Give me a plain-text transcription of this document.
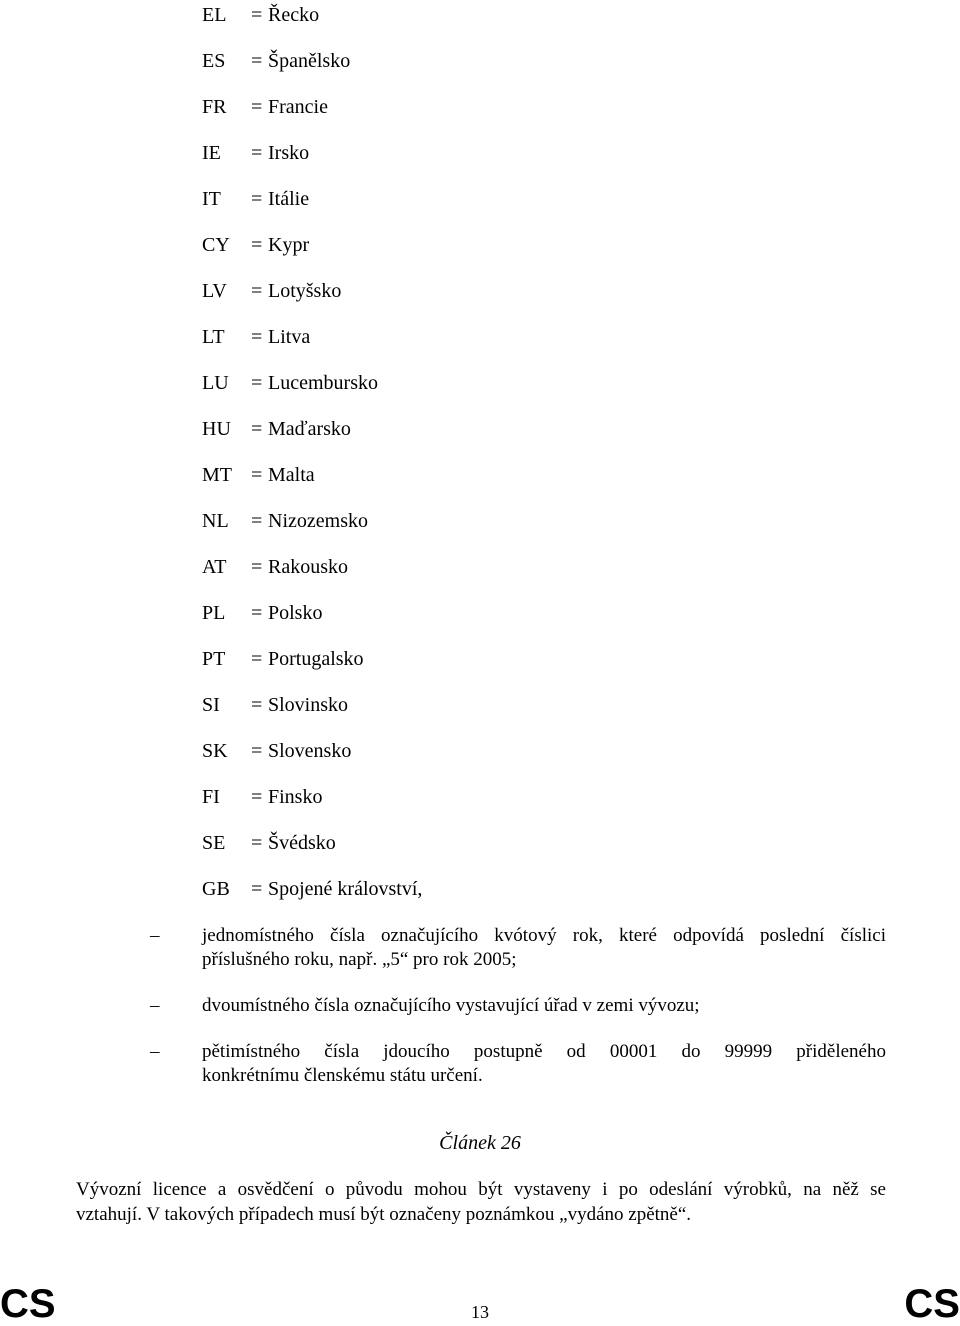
EL = Řecko
ES = Španělsko
FR = Francie
IE = Irsko
IT = Itálie
CY = Kypr
LV = Lotyšsko
LT = Litva
LU = Lucembursko
HU = Maďarsko
MT = Malta
NL = Nizozemsko
AT = Rakousko
PL = Polsko
PT = Portugalsko
SI = Slovinsko
SK = Slovensko
FI = Finsko
SE = Švédsko
GB = Spojené království,
– jednomístného čísla označujícího kvótový rok, které odpovídá poslední číslici
příslušného roku, např. „5“ pro rok 2005;
– dvoumístného čísla označujícího vystavující úřad v zemi vývozu;
– pětimístného čísla jdoucího postupně od 00001 do 99999 přiděleného
konkrétnímu členskému státu určení.
Článek 26
Vývozní licence a osvědčení o původu mohou být vystaveny i po odeslání výrobků, na něž se
vztahují. V takových případech musí být označeny poznámkou „vydáno zpětně“.
CS	13	CS
